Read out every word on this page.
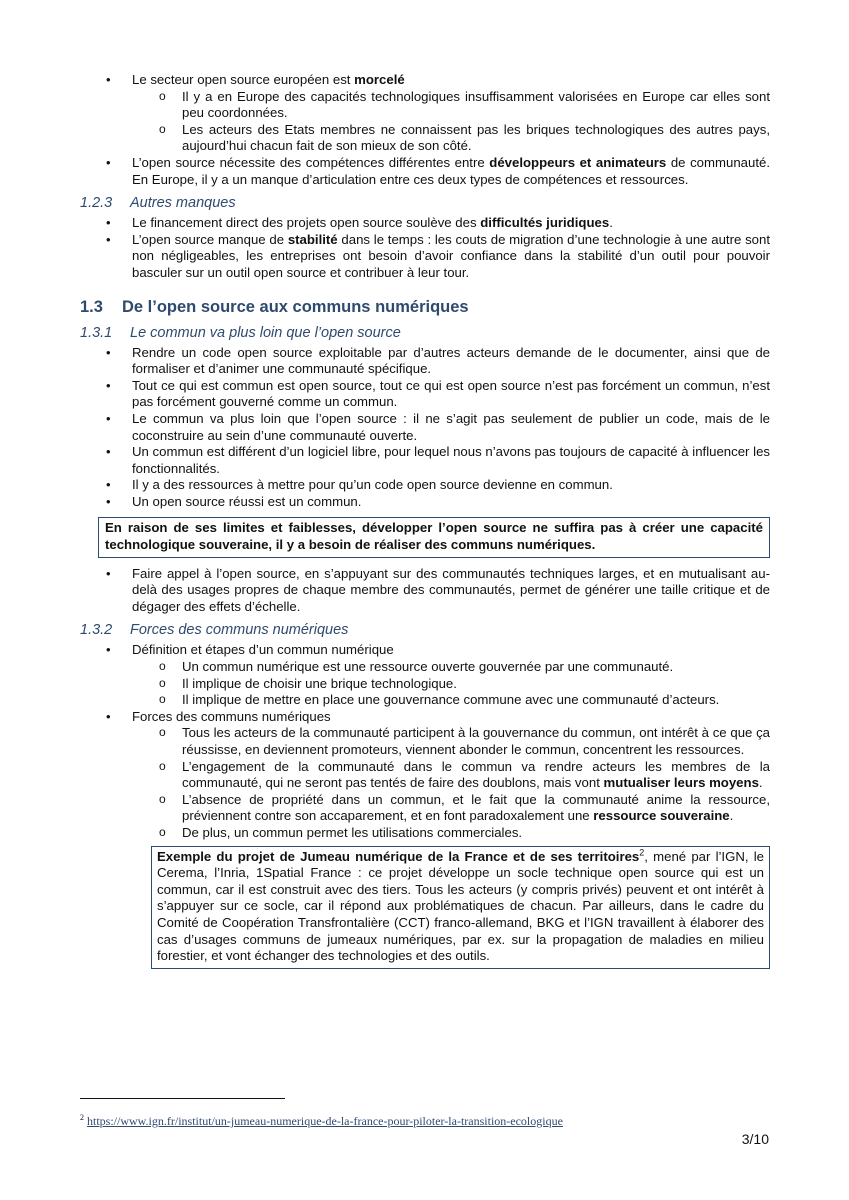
• Le secteur open source européen est morcelé
o Il y a en Europe des capacités technologiques insuffisamment valorisées en Europe car elles sont peu coordonnées.
o Les acteurs des Etats membres ne connaissent pas les briques technologiques des autres pays, aujourd’hui chacun fait de son mieux de son côté.
• L’open source nécessite des compétences différentes entre développeurs et animateurs de communauté. En Europe, il y a un manque d’articulation entre ces deux types de compétences et ressources.
1.2.3 Autres manques
• Le financement direct des projets open source soulève des difficultés juridiques.
• L’open source manque de stabilité dans le temps : les couts de migration d’une technologie à une autre sont non négligeables, les entreprises ont besoin d’avoir confiance dans la stabilité d’un outil pour pouvoir basculer sur un outil open source et contribuer à leur tour.
1.3 De l’open source aux communs numériques
1.3.1 Le commun va plus loin que l’open source
• Rendre un code open source exploitable par d’autres acteurs demande de le documenter, ainsi que de formaliser et d’animer une communauté spécifique.
• Tout ce qui est commun est open source, tout ce qui est open source n’est pas forcément un commun, n’est pas forcément gouverné comme un commun.
• Le commun va plus loin que l’open source : il ne s’agit pas seulement de publier un code, mais de le coconstruire au sein d’une communauté ouverte.
• Un commun est différent d’un logiciel libre, pour lequel nous n’avons pas toujours de capacité à influencer les fonctionnalités.
• Il y a des ressources à mettre pour qu’un code open source devienne en commun.
• Un open source réussi est un commun.
En raison de ses limites et faiblesses, développer l’open source ne suffira pas à créer une capacité technologique souveraine, il y a besoin de réaliser des communs numériques.
• Faire appel à l’open source, en s’appuyant sur des communautés techniques larges, et en mutualisant au-delà des usages propres de chaque membre des communautés, permet de générer une taille critique et de dégager des effets d’échelle.
1.3.2 Forces des communs numériques
• Définition et étapes d’un commun numérique
o Un commun numérique est une ressource ouverte gouvernée par une communauté.
o Il implique de choisir une brique technologique.
o Il implique de mettre en place une gouvernance commune avec une communauté d’acteurs.
• Forces des communs numériques
o Tous les acteurs de la communauté participent à la gouvernance du commun, ont intérêt à ce que ça réussisse, en deviennent promoteurs, viennent abonder le commun, concentrent les ressources.
o L’engagement de la communauté dans le commun va rendre acteurs les membres de la communauté, qui ne seront pas tentés de faire des doublons, mais vont mutualiser leurs moyens.
o L’absence de propriété dans un commun, et le fait que la communauté anime la ressource, préviennent contre son accaparement, et en font paradoxalement une ressource souveraine.
o De plus, un commun permet les utilisations commerciales.
Exemple du projet de Jumeau numérique de la France et de ses territoires$^2$, mené par l’IGN, le Cerema, l’Inria, 1Spatial France : ce projet développe un socle technique open source qui est un commun, car il est construit avec des tiers. Tous les acteurs (y compris privés) peuvent et ont intérêt à s’appuyer sur ce socle, car il répond aux problématiques de chacun. Par ailleurs, dans le cadre du Comité de Coopération Transfrontalière (CCT) franco-allemand, BKG et l’IGN travaillent à élaborer des cas d’usages communs de jumeaux numériques, par ex. sur la propagation de maladies en milieu forestier, et vont échanger des technologies et des outils.
$^2$ https://www.ign.fr/institut/un-jumeau-numerique-de-la-france-pour-piloter-la-transition-ecologique
3/10
